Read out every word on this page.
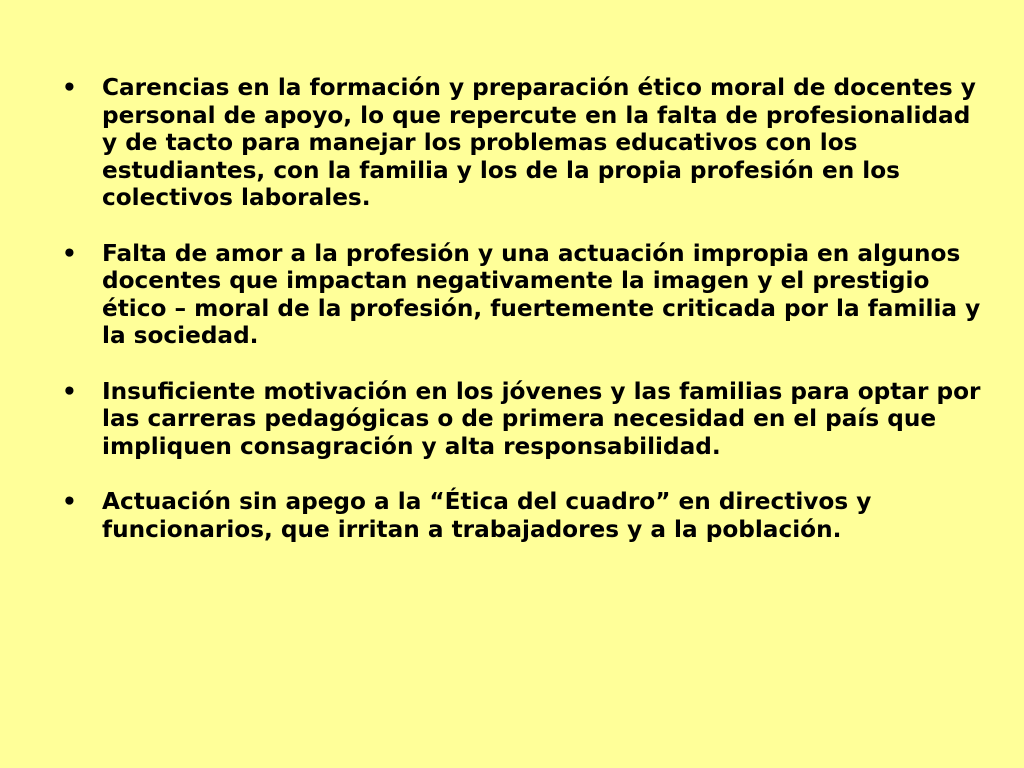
• Carencias en la formación y preparación ético moral de docentes y personal de apoyo, lo que repercute en la falta de profesionalidad y de tacto para manejar los problemas educativos con los estudiantes, con la familia y los de la propia profesión en los colectivos laborales.
• Falta de amor a la profesión y una actuación impropia en algunos docentes que impactan negativamente la imagen y el prestigio ético – moral de la profesión, fuertemente criticada por la familia y la sociedad.
• Insuficiente motivación en los jóvenes y las familias para optar por las carreras pedagógicas o de primera necesidad en el país que impliquen consagración y alta responsabilidad.
• Actuación sin apego a la “Ética del cuadro” en directivos y funcionarios, que irritan a trabajadores y a la población.
